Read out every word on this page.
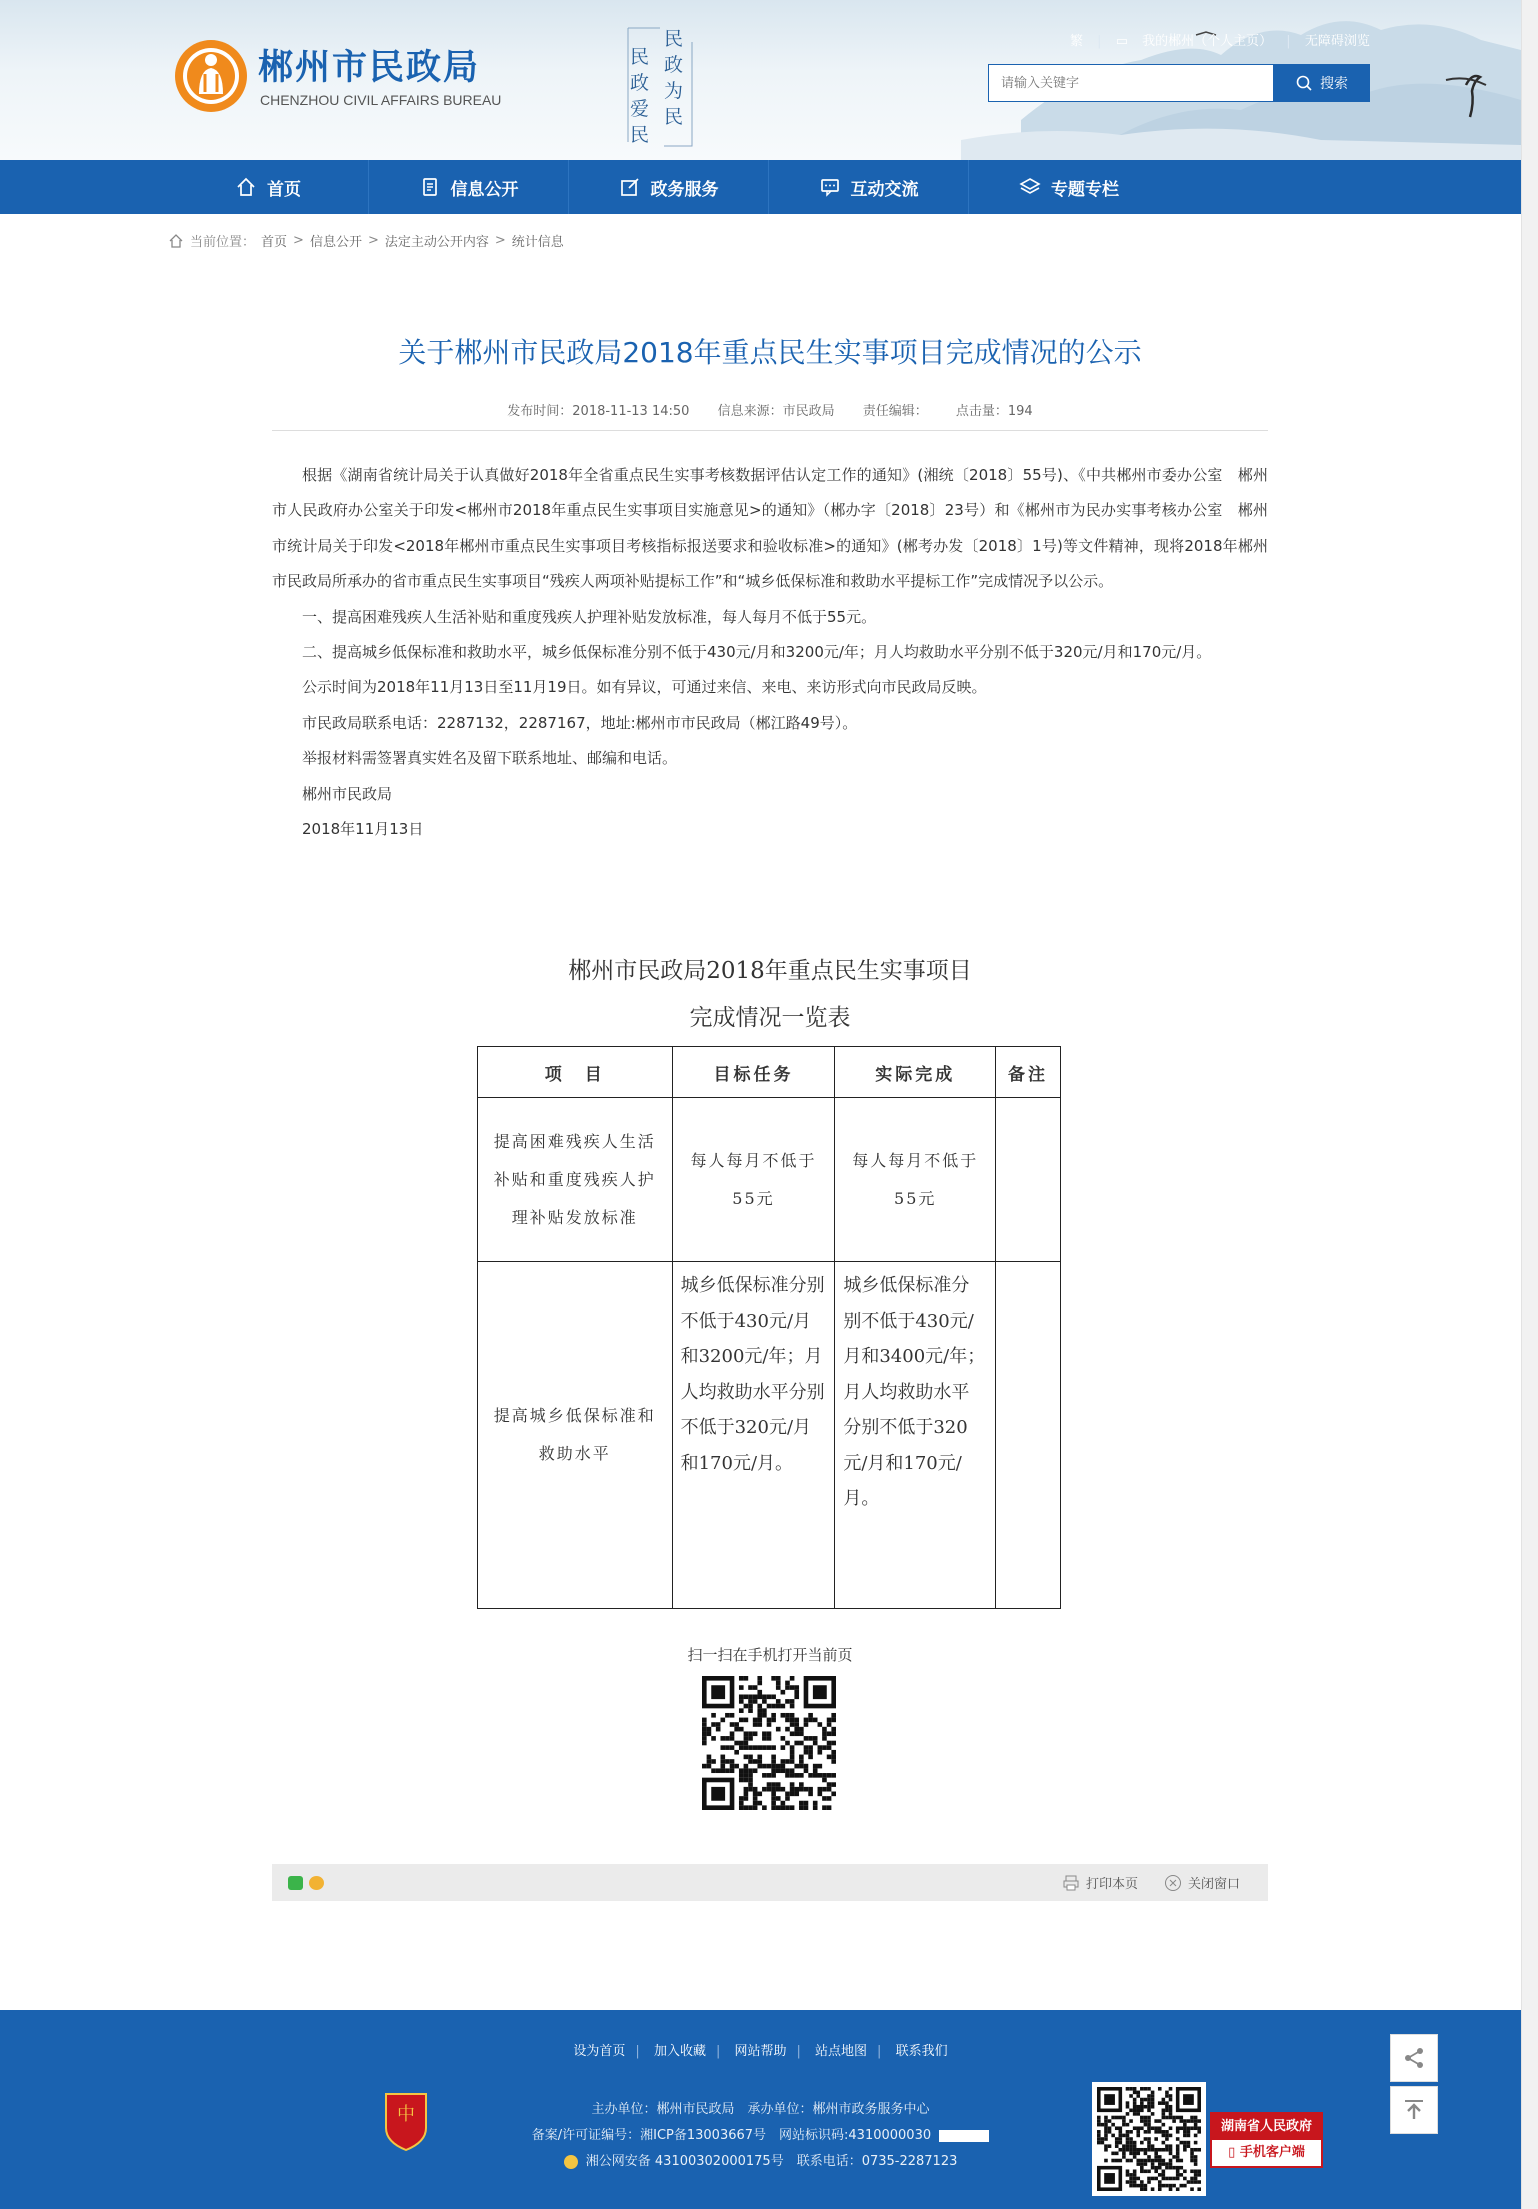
郴州市民政局
CHENZHOU CIVIL AFFAIRS BUREAU
民政为民
民政爱民
繁 | ▭ 我的郴州（个人主页） | 无障碍浏览
请输入关键字
搜索
首页	信息公开	政务服务	互动交流	专题专栏
当前位置： 首页 > 信息公开 > 法定主动公开内容 > 统计信息
关于郴州市民政局2018年重点民生实事项目完成情况的公示
发布时间：2018-11-13 14:50 信息来源：市民政局 责任编辑： 点击量：194

根据《湖南省统计局关于认真做好2018年全省重点民生实事考核数据评估认定工作的通知》(湘统〔2018〕55号)、《中共郴州市委办公室　郴州市人民政府办公室关于印发<郴州市2018年重点民生实事项目实施意见>的通知》（郴办字〔2018〕23号）和《郴州市为民办实事考核办公室　郴州市统计局关于印发<2018年郴州市重点民生实事项目考核指标报送要求和验收标准>的通知》(郴考办发〔2018〕1号)等文件精神，现将2018年郴州市民政局所承办的省市重点民生实事项目“残疾人两项补贴提标工作”和“城乡低保标准和救助水平提标工作”完成情况予以公示。

一、提高困难残疾人生活补贴和重度残疾人护理补贴发放标准，每人每月不低于55元。

二、提高城乡低保标准和救助水平，城乡低保标准分别不低于430元/月和3200元/年；月人均救助水平分别不低于320元/月和170元/月。

公示时间为2018年11月13日至11月19日。如有异议，可通过来信、来电、来访形式向市民政局反映。

市民政局联系电话：2287132，2287167，地址:郴州市市民政局（郴江路49号）。

举报材料需签署真实姓名及留下联系地址、邮编和电话。

郴州市民政局

2018年11月13日

郴州市民政局2018年重点民生实事项目
完成情况一览表
项　目	目标任务	实际完成	备注
提高困难残疾人生活补贴和重度残疾人护理补贴发放标准	每人每月不低于55元	每人每月不低于55元	
提高城乡低保标准和救助水平	城乡低保标准分别不低于430元/月和3200元/年；月人均救助水平分别不低于320元/月和170元/月。	城乡低保标准分别不低于430元/月和3400元/年；月人均救助水平分别不低于320元/月和170元/月。	
扫一扫在手机打开当前页
打印本页	关闭窗口
设为首页 | 加入收藏 | 网站帮助 | 站点地图 | 联系我们
中	主办单位：郴州市民政局　承办单位：郴州市政务服务中心
备案/许可证编号：湘ICP备13003667号　网站标识码:4310000030
湘公网安备 43100302000175号　联系电话：0735-2287123
湖南省人民政府
▯ 手机客户端
